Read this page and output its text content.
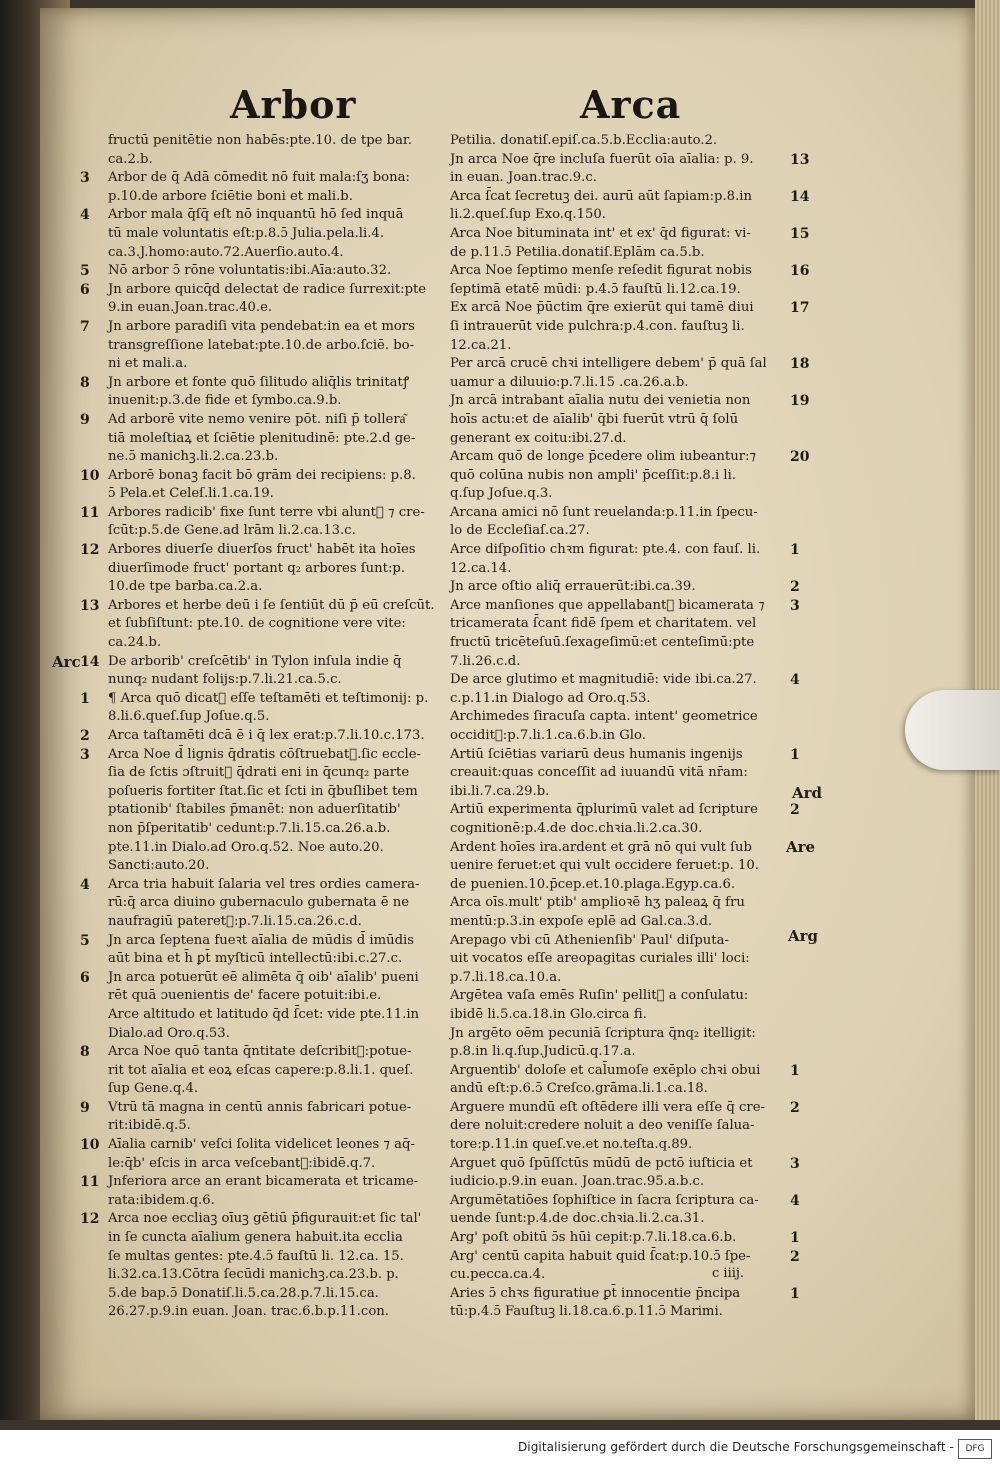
Arbor	Arca
fructū penitētie non habēs:pte.10. de tpe bar.
ca.2.b.
3 Arbor de q̄ Adā cōmedit nō fuit mala:ſʒ bona:
p.10.de arbore ſciētie boni et mali.b.
4 Arbor mala q̄ſq̄ eſt nō inquantū hō ſed inquā
tū male voluntatis eſt:p.8.ɔ̄ Julia.pela.li.4.
ca.3.J.homo:auto.72.Auerſio.auto.4.
5 Nō arbor ɔ̄ rōne voluntatis:ibi.Aīa:auto.32.
6 Jn arbore quicq̄d delectat de radice ſurrexit:pte
9.in euan.Joan.trac.40.e.
7 Jn arbore paradiſi vita pendebat:in ea et mors
transgreſſione latebat:pte.10.de arbo.ſciē. bo-
ni et mali.a.
8 Jn arbore et fonte quō ſilitudo aliq̄lis trinitatꝭ
inuenit:p.3.de fide et ſymbo.ca.9.b.
9 Ad arborē vite nemo venire pōt. niſi p̄ tollera͂
tiā moleſtiaꝝ et ſciētie plenitudinē: pte.2.d ge-
ne.ɔ̄ manichꝫ.li.2.ca.23.b.
10 Arborē bonaꝫ facit bō grām dei recipiens: p.8.
ɔ̄ Pela.et Celeſ.li.1.ca.19.
11 Arbores radicib' fixe ſunt terre vbi alunt᷑ ⁊ cre-
ſcūt:p.5.de Gene.ad lrām li.2.ca.13.c.
12 Arbores diuerſe diuerſos fruct' habēt ita hoīes
diuerſimode fruct' portant q₂ arbores ſunt:p.
10.de tpe barba.ca.2.a.
13 Arbores et herbe deū i ſe ſentiūt dū p̄ eū creſcūt.
et ſubſiſtunt: pte.10. de cognitione vere vite:
ca.24.b.
14 De arborib' creſcētib' in Tylon inſula indie q̄
nunq₂ nudant folijs:p.7.li.21.ca.5.c.
1 ¶ Arca quō dicat᷑ eſſe teſtamēti et teſtimonij: p.
8.li.6.queſ.ſup Joſue.q.5.
2 Arca taſtamēti dcā ē i q̄ lex erat:p.7.li.10.c.173.
3 Arca Noe d̄ lignis q̄dratis cōſtruebat᷑.ſic eccle-
ſia de ſctis ɔſtruit᷑ q̄drati eni in q̄cunq₂ parte
poſueris fortiter ſtat.ſic et ſcti in q̄buſlibet tem
ptationib' ſtabiles p̄manēt: non aduerſitatib'
non p̄ſperitatib' cedunt:p.7.li.15.ca.26.a.b.
pte.11.in Dialo.ad Oro.q.52. Noe auto.20.
Sancti:auto.20.
4 Arca tria habuit ſalaria vel tres ordies camera-
rū:q̄ arca diuino gubernaculo gubernata ē ne
naufragiū pateret᷑:p.7.li.15.ca.26.c.d.
5 Jn arca ſeptena fueꝛt aīalia de mūdis d̄ imūdis
aūt bina et h̄ ꝑt̄ myſticū intellectū:ibi.c.27.c.
6 Jn arca potuerūt eē alimēta q̄ oib' aīalib' pueni
rēt quā ɔuenientis de' facere potuit:ibi.e.
Arce altitudo et latitudo q̄d ſ̄cet: vide pte.11.in
Dialo.ad Oro.q.53.
8 Arca Noe quō tanta q̄ntitate deſcribit᷑:potue-
rit tot aīalia et eoꝝ eſcas capere:p.8.li.1. queſ.
ſup Gene.q.4.
9 Vtrū tā magna in centū annis fabricari potue-
rit:ibidē.q.5.
10 Aīalia carnib' veſci ſolita videlicet leones ⁊ aq̄-
le:q̄b' eſcis in arca veſcebant᷑:ibidē.q.7.
11 Jnferiora arce an erant bicamerata et tricame-
rata:ibidem.q.6.
12 Arca noe eccliaꝫ oīuꝫ gētiū p̄figurauit:et ſic tal'
in ſe cuncta aīalium genera habuit.ita ecclia
ſe multas gentes: pte.4.ɔ̄ fauſtū li. 12.ca. 15.
li.32.ca.13.Cōtra ſecūdi manichꝫ.ca.23.b. p.
5.de bap.ɔ̄ Donatiſ.li.5.ca.28.p.7.li.15.ca.
26.27.p.9.in euan. Joan. trac.6.b.p.11.con.
Petilia. donatiſ.epiſ.ca.5.b.Ecclia:auto.2.
13
Jn arca Noe q̄re incluſa fuerūt oīa aīalia: p. 9.
in euan. Joan.trac.9.c.
14
Arca ſ̄cat ſecretuꝫ dei. aurū aūt ſapiam:p.8.in
li.2.queſ.ſup Exo.q.150.
15
Arca Noe bituminata int' et ex' q̄d figurat: vi-
de p.11.ɔ̄ Petilia.donatiſ.Eplām ca.5.b.
16
Arca Noe ſeptimo menſe reſedit figurat nobis
ſeptimā etatē mūdi: p.4.ɔ̄ fauſtū li.12.ca.19.
17
Ex arcā Noe p̄ūctim q̄re exierūt qui tamē diui
ſi intrauerūt vide pulchra:p.4.con. fauſtuꝫ li.
12.ca.21.
18
Per arcā crucē chꝛi intelligere debem' p̄ quā ſal
uamur a diluuio:p.7.li.15 .ca.26.a.b.
19
Jn arcā intrabant aīalia nutu dei venietia non
hoīs actu:et de aīalib' q̄bi fuerūt vtrū q̄ ſolū
generant ex coitu:ibi.27.d.
20
Arcam quō de longe p̄cedere olim iubeantur:⁊
quō colūna nubis non ampli' p̄ceſſit:p.8.i li.
q.ſup Joſue.q.3.
Arcana amici nō ſunt reuelanda:p.11.in ſpecu-
lo de Eccleſiaſ.ca.27.
1
Arce diſpoſitio chꝛm figurat: pte.4. con fauſ. li.
12.ca.14.
2
Jn arce oſtio aliq̄ errauerūt:ibi.ca.39.
3
Arce manſiones que appellabant᷑ bicamerata ⁊
tricamerata ſ̄cant fidē ſpem et charitatem. vel
fructū tricēteſuū.ſexageſimū:et centeſimū:pte
7.li.26.c.d.
4
De arce glutimo et magnitudiē: vide ibi.ca.27.
c.p.11.in Dialogo ad Oro.q.53.
Archimedes ſiracuſa capta. intent' geometrice
occidit᷑:p.7.li.1.ca.6.b.in Glo.
1
Artiū ſciētias variarū deus humanis ingenijs
creauit:quas conceſſit ad iuuandū vitā nr̄am:
ibi.li.7.ca.29.b.
2
Artiū experimenta q̄plurimū valet ad ſcripture
cognitionē:p.4.de doc.chꝛia.li.2.ca.30.
Ardent hoīes ira.ardent et grā nō qui vult ſub
uenire feruet:et qui vult occidere feruet:p. 10.
de puenien.10.p̄cep.et.10.plaga.Egyp.ca.6.
Arca oīs.mult' ptib' amplioꝛē hʒ paleaꝝ q̄ fru
mentū:p.3.in expoſe eplē ad Gal.ca.3.d.
Arepago vbi cū Athenienſib' Paul' diſputa-
uit vocatos eſſe areopagitas curiales illi' loci:
p.7.li.18.ca.10.a.
Argētea vaſa emēs Ruſin' pellit᷑ a conſulatu:
ibidē li.5.ca.18.in Glo.circa fi.
Jn argēto oēm pecuniā ſcriptura q̄nq₂ itelligit:
p.8.in li.q.ſup.Judicū.q.17.a.
1
Arguentib' doloſe et cal̄umoſe exēplo chꝛi obui
andū eſt:p.6.ɔ̄ Creſco.grāma.li.1.ca.18.
2
Arguere mundū eſt oſtēdere illi vera eſſe q̄ cre-
dere noluit:credere noluit a deo veniſſe ſalua-
tore:p.11.in queſ.ve.et no.teſta.q.89.
3
Arguet quō ſpūſſctūs mūdū de pctō iuſticia et
iudicio.p.9.in euan. Joan.trac.95.a.b.c.
4
Argumētatiōes ſophiſtice in ſacra ſcriptura ca-
uende ſunt:p.4.de doc.chꝛia.li.2.ca.31.
1
Arg' poſt obitū ɔ̄s hūi cepit:p.7.li.18.ca.6.b.
2
Arg' centū capita habuit quid ſ̄cat:p.10.ɔ̄ ſpe-
cu.pecca.ca.4.
1
Aries ɔ̄ chꝛs figuratiue ꝑt̄ innocentie p̄ncipa
tū:p.4.ɔ̄ Fauſtuꝫ li.18.ca.6.p.11.ɔ̄ Marimi.
Arc
Ard
Are
Arg
c iiij.
Digitalisierung gefördert durch die Deutsche Forschungsgemeinschaft -	DFG
